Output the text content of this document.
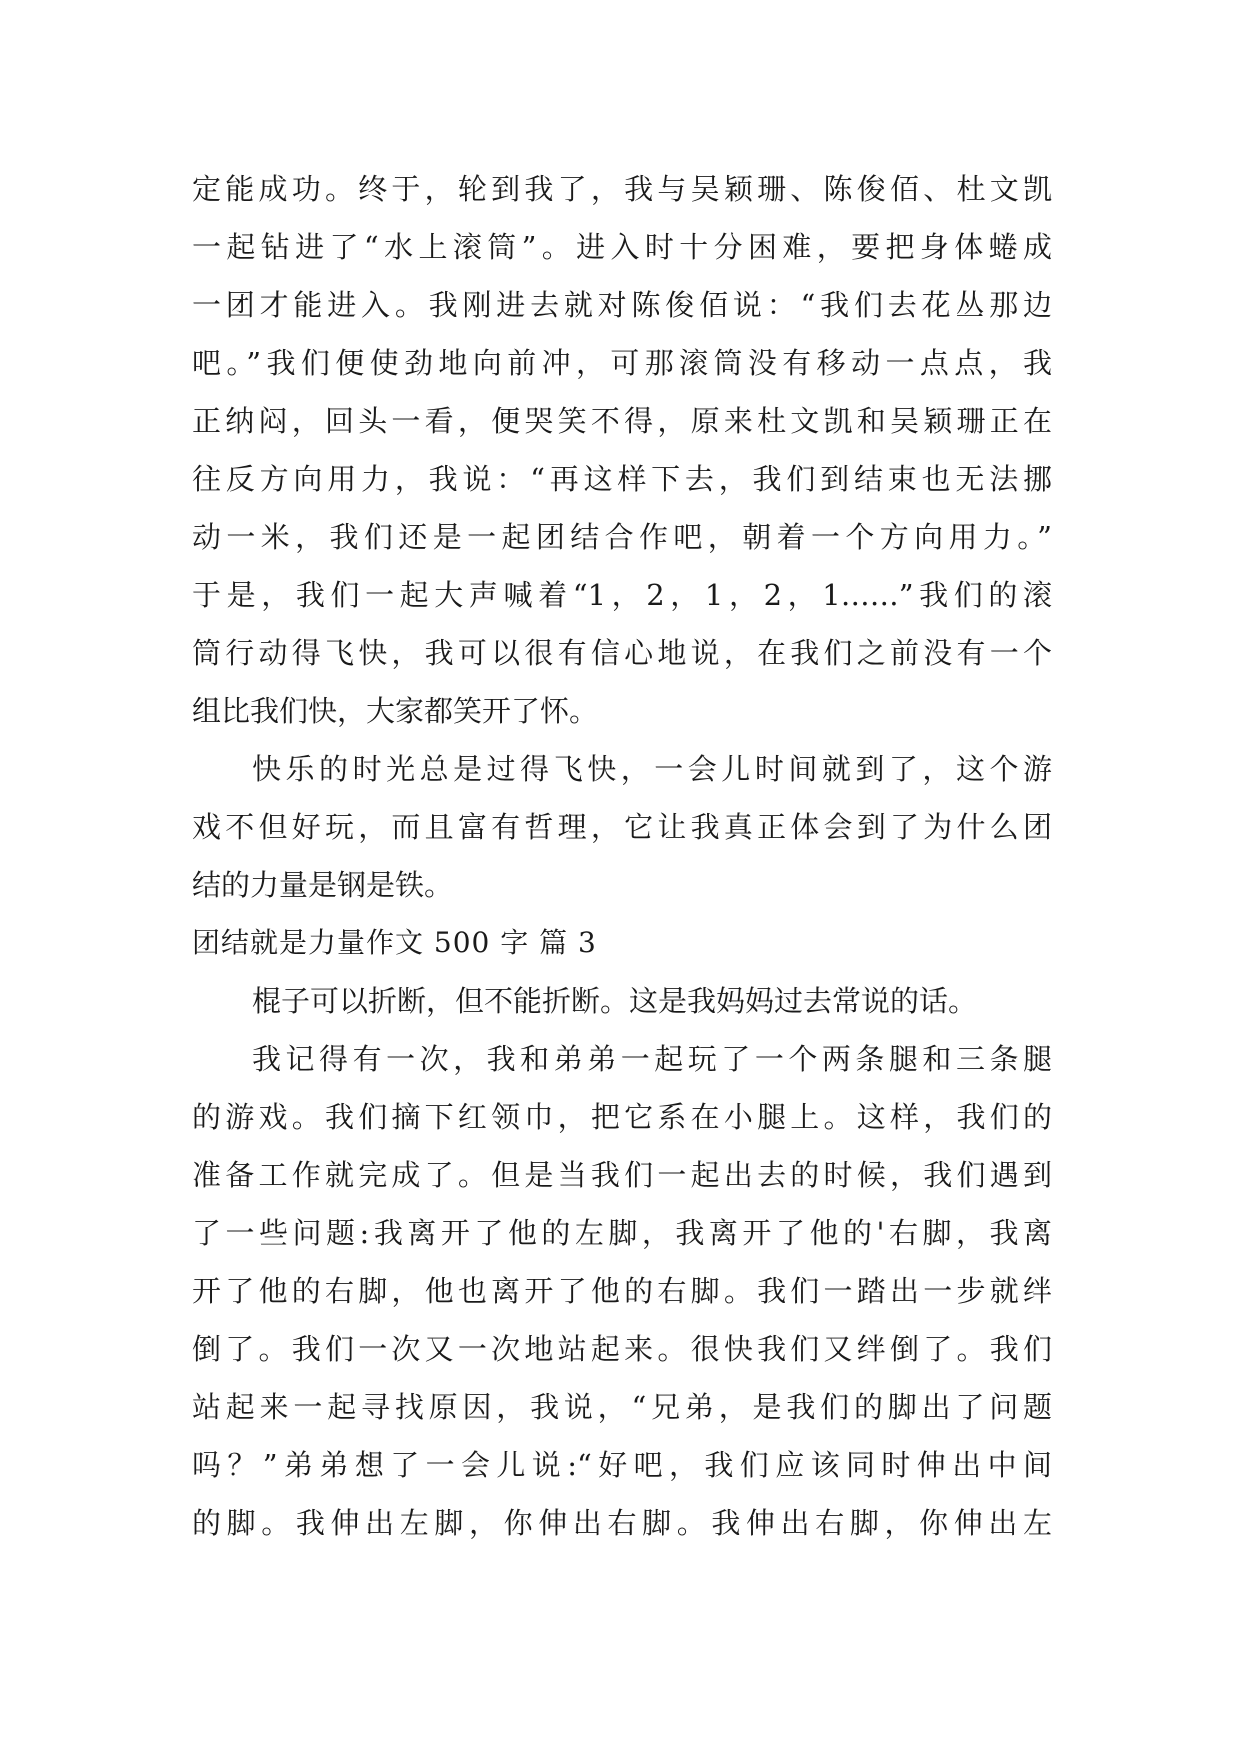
定能成功。终于，轮到我了，我与吴颖珊、陈俊佰、杜文凯
一起钻进了“水上滚筒”。进入时十分困难，要把身体蜷成
一团才能进入。我刚进去就对陈俊佰说：“我们去花丛那边
吧。”我们便使劲地向前冲，可那滚筒没有移动一点点，我
正纳闷，回头一看，便哭笑不得，原来杜文凯和吴颖珊正在
往反方向用力，我说：“再这样下去，我们到结束也无法挪
动一米，我们还是一起团结合作吧，朝着一个方向用力。”
于是，我们一起大声喊着“1，2，1，2，1……”我们的滚
筒行动得飞快，我可以很有信心地说，在我们之前没有一个
组比我们快，大家都笑开了怀。
快乐的时光总是过得飞快，一会儿时间就到了，这个游
戏不但好玩，而且富有哲理，它让我真正体会到了为什么团
结的力量是钢是铁。
团结就是力量作文 500 字 篇 3
棍子可以折断，但不能折断。这是我妈妈过去常说的话。
我记得有一次，我和弟弟一起玩了一个两条腿和三条腿
的游戏。我们摘下红领巾，把它系在小腿上。这样，我们的
准备工作就完成了。但是当我们一起出去的时候，我们遇到
了一些问题:我离开了他的左脚，我离开了他的'右脚，我离
开了他的右脚，他也离开了他的右脚。我们一踏出一步就绊
倒了。我们一次又一次地站起来。很快我们又绊倒了。我们
站起来一起寻找原因，我说，“兄弟，是我们的脚出了问题
吗？”弟弟想了一会儿说:“好吧，我们应该同时伸出中间
的脚。我伸出左脚，你伸出右脚。我伸出右脚，你伸出左
